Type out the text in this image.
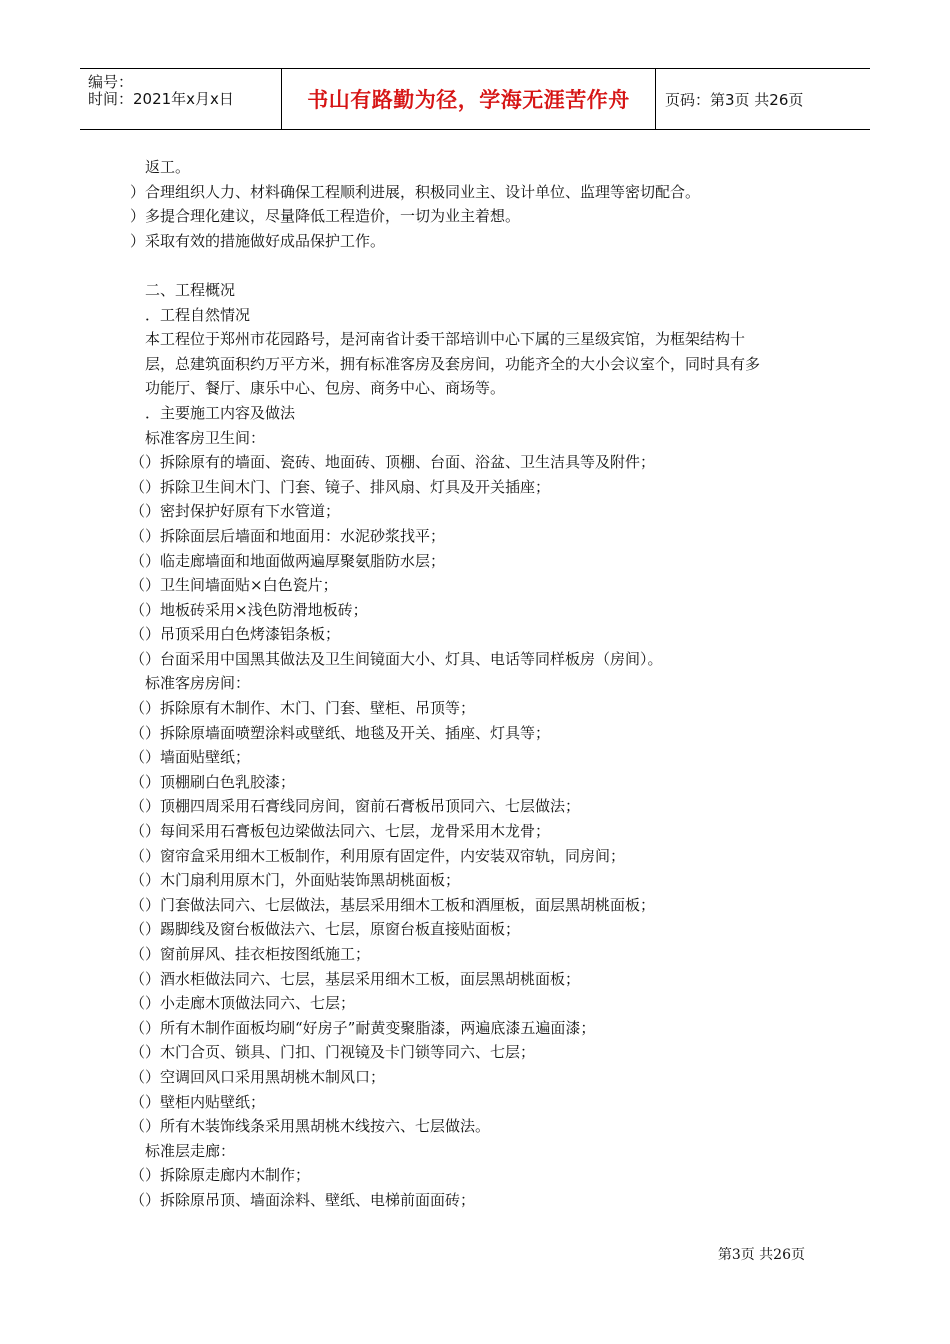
编号：
时间：2021年x月x日	书山有路勤为径，学海无涯苦作舟 页码：第3页 共26页

返工。

）合理组织人力、材料确保工程顺利进展，积极同业主、设计单位、监理等密切配合。

）多提合理化建议，尽量降低工程造价，一切为业主着想。

）采取有效的措施做好成品保护工作。

二、工程概况

．工程自然情况

本工程位于郑州市花园路号，是河南省计委干部培训中心下属的三星级宾馆，为框架结构十

层，总建筑面积约万平方米，拥有标准客房及套房间，功能齐全的大小会议室个，同时具有多

功能厅、餐厅、康乐中心、包房、商务中心、商场等。

．主要施工内容及做法

标准客房卫生间：

（）拆除原有的墙面、瓷砖、地面砖、顶棚、台面、浴盆、卫生洁具等及附件；

（）拆除卫生间木门、门套、镜子、排风扇、灯具及开关插座；

（）密封保护好原有下水管道；

（）拆除面层后墙面和地面用：水泥砂浆找平；

（）临走廊墙面和地面做两遍厚聚氨脂防水层；

（）卫生间墙面贴×白色瓷片；

（）地板砖采用×浅色防滑地板砖；

（）吊顶采用白色烤漆铝条板；

（）台面采用中国黑其做法及卫生间镜面大小、灯具、电话等同样板房（房间）。

标准客房房间：

（）拆除原有木制作、木门、门套、壁柜、吊顶等；

（）拆除原墙面喷塑涂料或壁纸、地毯及开关、插座、灯具等；

（）墙面贴壁纸；

（）顶棚刷白色乳胶漆；

（）顶棚四周采用石膏线同房间，窗前石膏板吊顶同六、七层做法；

（）每间采用石膏板包边梁做法同六、七层，龙骨采用木龙骨；

（）窗帘盒采用细木工板制作，利用原有固定件，内安装双帘轨，同房间；

（）木门扇利用原木门，外面贴装饰黑胡桃面板；

（）门套做法同六、七层做法，基层采用细木工板和酒厘板，面层黑胡桃面板；

（）踢脚线及窗台板做法六、七层，原窗台板直接贴面板；

（）窗前屏风、挂衣柜按图纸施工；

（）酒水柜做法同六、七层，基层采用细木工板，面层黑胡桃面板；

（）小走廊木顶做法同六、七层；

（）所有木制作面板均刷“好房子”耐黄变聚脂漆，两遍底漆五遍面漆；

（）木门合页、锁具、门扣、门视镜及卡门锁等同六、七层；

（）空调回风口采用黑胡桃木制风口；

（）壁柜内贴壁纸；

（）所有木装饰线条采用黑胡桃木线按六、七层做法。

标准层走廊：

（）拆除原走廊内木制作；

（）拆除原吊顶、墙面涂料、壁纸、电梯前面面砖；

第3页 共26页
